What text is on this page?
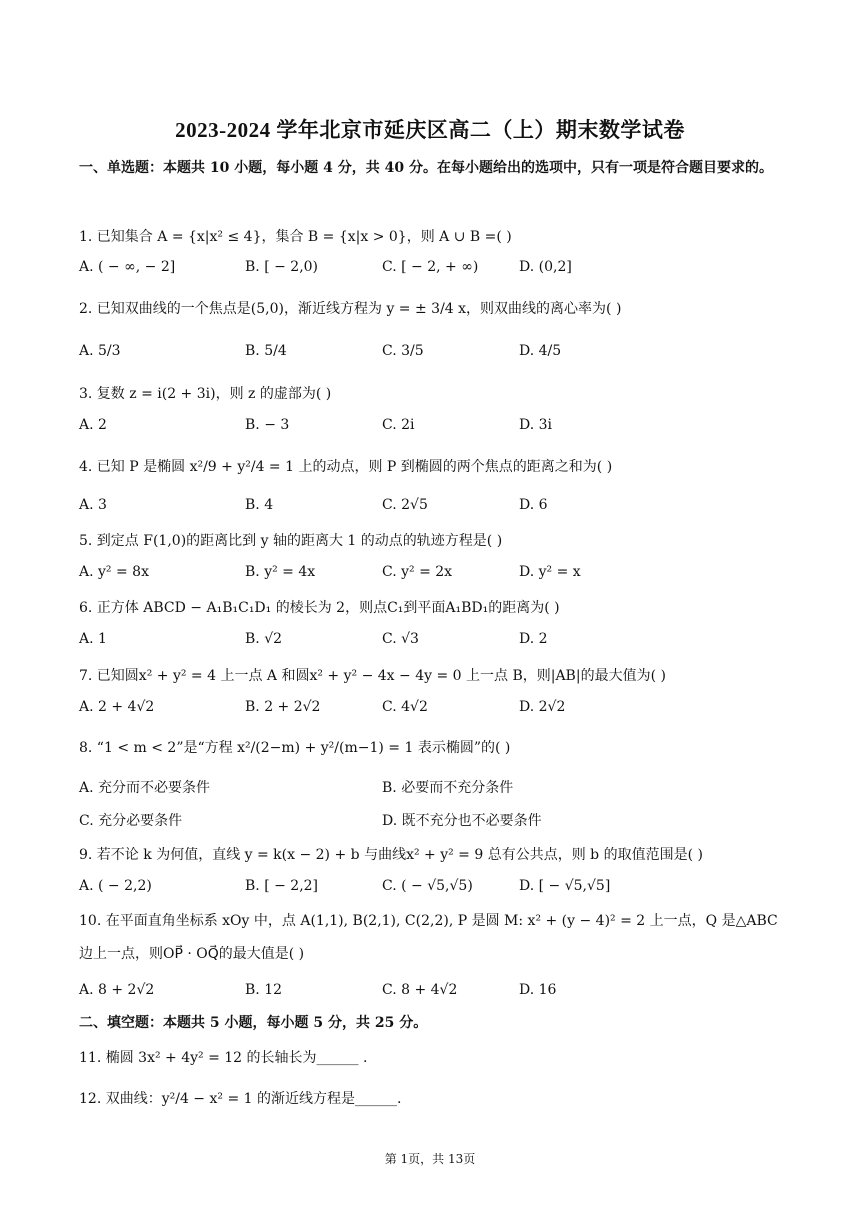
2023-2024 学年北京市延庆区高二（上）期末数学试卷
一、单选题：本题共 10 小题，每小题 4 分，共 40 分。在每小题给出的选项中，只有一项是符合题目要求的。
1. 已知集合 A = {x|x² ≤ 4}，集合 B = {x|x > 0}，则 A ∪ B =( )
A. ( − ∞, − 2]	B. [ − 2,0)	C. [ − 2, + ∞)	D. (0,2]
2. 已知双曲线的一个焦点是(5,0)，渐近线方程为 y = ± 3/4 x，则双曲线的离心率为( )
A. 5/3	B. 5/4	C. 3/5	D. 4/5
3. 复数 z = i(2 + 3i)，则 z 的虚部为( )
A. 2	B. − 3	C. 2i	D. 3i
4. 已知 P 是椭圆 x²/9 + y²/4 = 1 上的动点，则 P 到椭圆的两个焦点的距离之和为( )
A. 3	B. 4	C. 2√5	D. 6
5. 到定点 F(1,0)的距离比到 y 轴的距离大 1 的动点的轨迹方程是( )
A. y² = 8x	B. y² = 4x	C. y² = 2x	D. y² = x
6. 正方体 ABCD − A₁B₁C₁D₁ 的棱长为 2，则点C₁到平面A₁BD₁的距离为( )
A. 1	B. √2	C. √3	D. 2
7. 已知圆x² + y² = 4 上一点 A 和圆x² + y² − 4x − 4y = 0 上一点 B，则|AB|的最大值为( )
A. 2 + 4√2	B. 2 + 2√2	C. 4√2	D. 2√2
8. “1 < m < 2”是“方程 x²/(2−m) + y²/(m−1) = 1 表示椭圆”的( )
A. 充分而不必要条件	B. 必要而不充分条件
C. 充分必要条件	D. 既不充分也不必要条件
9. 若不论 k 为何值，直线 y = k(x − 2) + b 与曲线x² + y² = 9 总有公共点，则 b 的取值范围是( )
A. ( − 2,2)	B. [ − 2,2]	C. ( − √5,√5)	D. [ − √5,√5]
10. 在平面直角坐标系 xOy 中，点 A(1,1), B(2,1), C(2,2), P 是圆 M: x² + (y − 4)² = 2 上一点，Q 是△ABC 边上一点，则OP⃗ · OQ⃗的最大值是( )
A. 8 + 2√2	B. 12	C. 8 + 4√2	D. 16
二、填空题：本题共 5 小题，每小题 5 分，共 25 分。
11. 椭圆 3x² + 4y² = 12 的长轴长为______ .
12. 双曲线：y²/4 − x² = 1 的渐近线方程是______.
第 1页，共 13页
